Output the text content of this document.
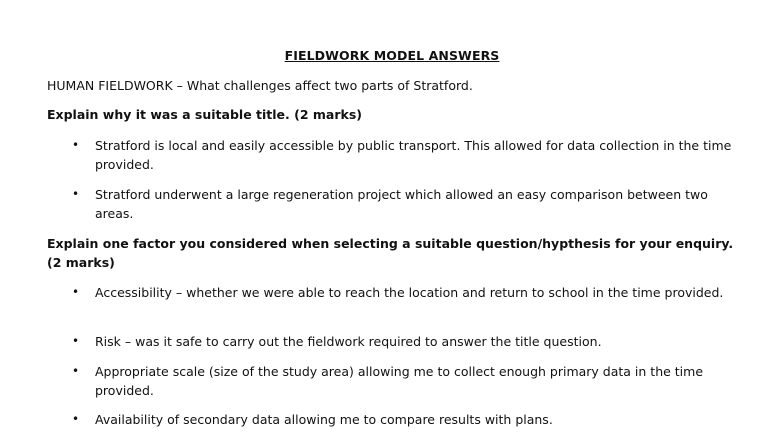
FIELDWORK MODEL ANSWERS
HUMAN FIELDWORK – What challenges affect two parts of Stratford.
Explain why it was a suitable title. (2 marks)
• Stratford is local and easily accessible by public transport. This allowed for data collection in the time provided.
• Stratford underwent a large regeneration project which allowed an easy comparison between two areas.
Explain one factor you considered when selecting a suitable question/hypthesis for your enquiry. (2 marks)
• Accessibility – whether we were able to reach the location and return to school in the time provided.
• Risk – was it safe to carry out the fieldwork required to answer the title question.
• Appropriate scale (size of the study area) allowing me to collect enough primary data in the time provided.
• Availability of secondary data allowing me to compare results with plans.
